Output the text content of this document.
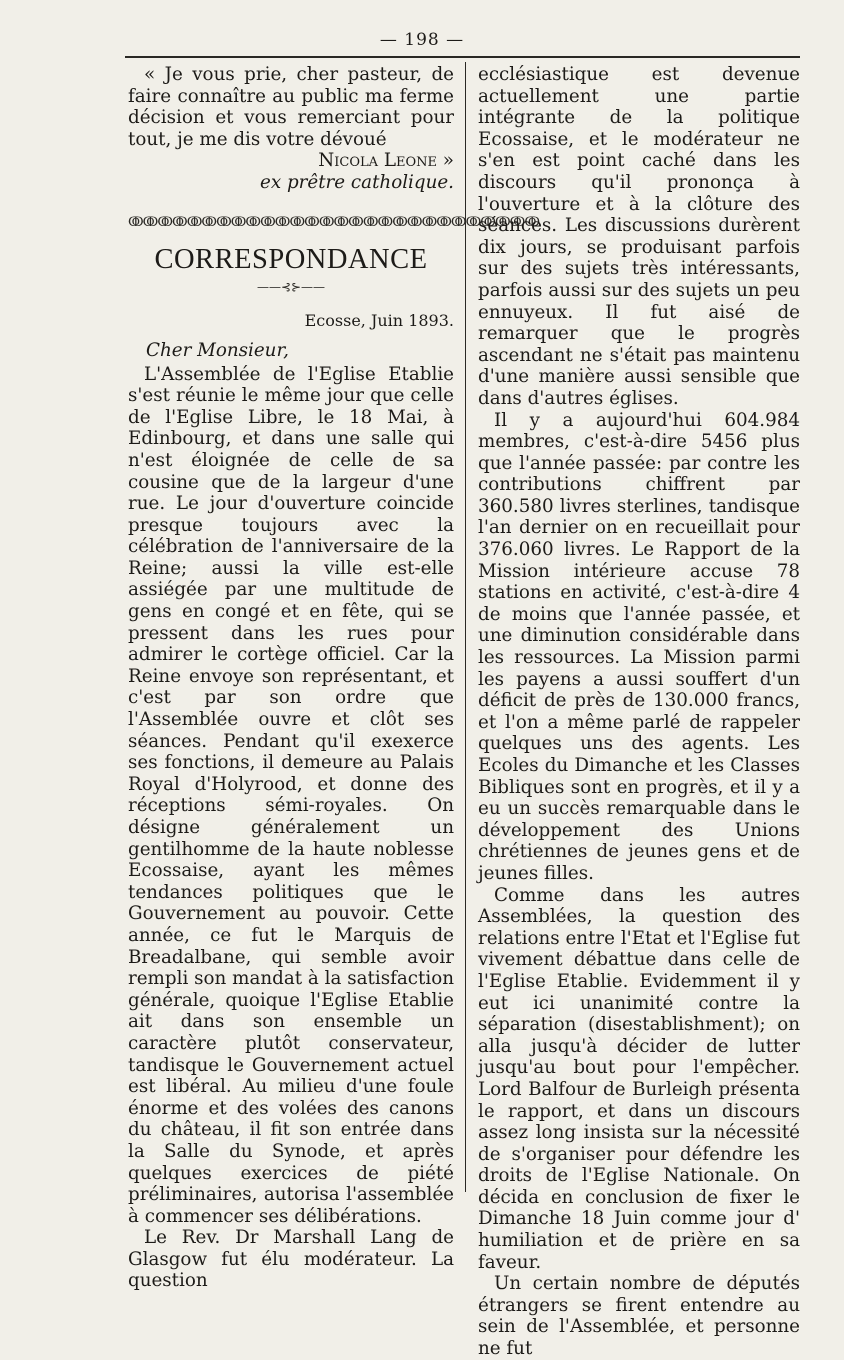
— 198 —

« Je vous prie, cher pasteur, de faire connaître au public ma ferme décision et vous remerciant pour tout, je me dis votre dévoué

Nicola Leone »

ex prêtre catholique.

ↂↂↂↂↂↂↂↂↂↂↂↂↂↂↂↂↂↂↂↂↂↂↂↂↂↂↂↂ
CORRESPONDANCE
——⊰⊱——
Ecosse, Juin 1893.

Cher Monsieur,

L'Assemblée de l'Eglise Etablie s'est réunie le même jour que celle de l'Eglise Libre, le 18 Mai, à Edinbourg, et dans une salle qui n'est éloignée de celle de sa cousine que de la largeur d'une rue. Le jour d'ouverture coincide presque toujours avec la célébration de l'anniversaire de la Reine; aussi la ville est-elle assiégée par une multitude de gens en congé et en fête, qui se pressent dans les rues pour admirer le cortège officiel. Car la Reine envoye son représentant, et c'est par son ordre que l'Assemblée ouvre et clôt ses séances. Pendant qu'il exexerce ses fonctions, il demeure au Palais Royal d'Holyrood, et donne des réceptions sémi-royales. On désigne généralement un gentilhomme de la haute noblesse Ecossaise, ayant les mêmes tendances politiques que le Gouvernement au pouvoir. Cette année, ce fut le Marquis de Breadalbane, qui semble avoir rempli son mandat à la satisfaction générale, quoique l'Eglise Etablie ait dans son ensemble un caractère plutôt conservateur, tandisque le Gouvernement actuel est libéral. Au milieu d'une foule énorme et des volées des canons du château, il fit son entrée dans la Salle du Synode, et après quelques exercices de piété préliminaires, autorisa l'assemblée à commencer ses délibérations.

Le Rev. Dr Marshall Lang de Glasgow fut élu modérateur. La question

ecclésiastique est devenue actuellement une partie intégrante de la politique Ecossaise, et le modérateur ne s'en est point caché dans les discours qu'il prononça à l'ouverture et à la clôture des séances. Les discussions durèrent dix jours, se produisant parfois sur des sujets très intéressants, parfois aussi sur des sujets un peu ennuyeux. Il fut aisé de remarquer que le progrès ascendant ne s'était pas maintenu d'une manière aussi sensible que dans d'autres églises.

Il y a aujourd'hui 604.984 membres, c'est-à-dire 5456 plus que l'année passée: par contre les contributions chiffrent par 360.580 livres sterlines, tandisque l'an dernier on en recueillait pour 376.060 livres. Le Rapport de la Mission intérieure accuse 78 stations en activité, c'est-à-dire 4 de moins que l'année passée, et une diminution considérable dans les ressources. La Mission parmi les payens a aussi souffert d'un déficit de près de 130.000 francs, et l'on a même parlé de rappeler quelques uns des agents. Les Ecoles du Dimanche et les Classes Bibliques sont en progrès, et il y a eu un succès remarquable dans le développement des Unions chrétiennes de jeunes gens et de jeunes filles.

Comme dans les autres Assemblées, la question des relations entre l'Etat et l'Eglise fut vivement débattue dans celle de l'Eglise Etablie. Evidemment il y eut ici unanimité contre la séparation (disestablishment); on alla jusqu'à décider de lutter jusqu'au bout pour l'empêcher. Lord Balfour de Burleigh présenta le rapport, et dans un discours assez long insista sur la nécessité de s'organiser pour défendre les droits de l'Eglise Nationale. On décida en conclusion de fixer le Dimanche 18 Juin comme jour d' humiliation et de prière en sa faveur.

Un certain nombre de députés étrangers se firent entendre au sein de l'Assemblée, et personne ne fut
